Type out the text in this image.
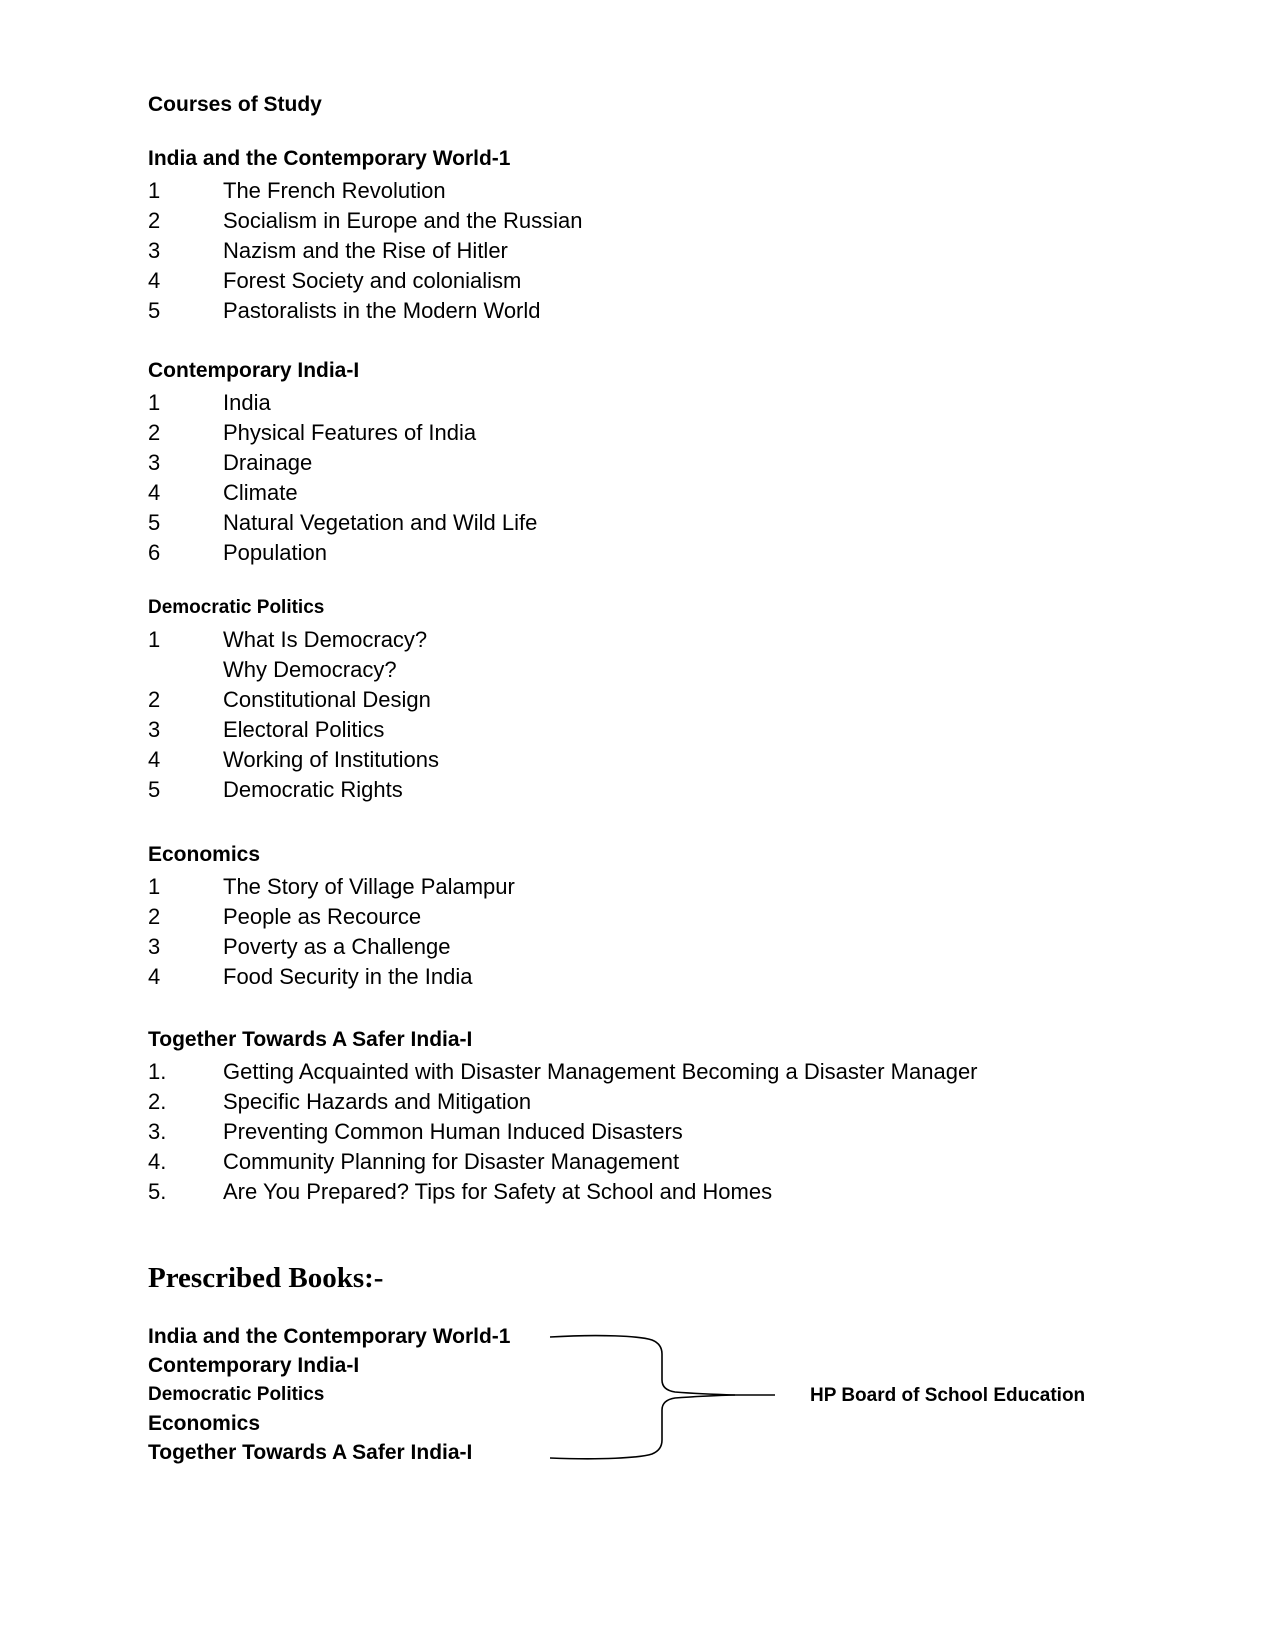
Courses of Study
India and the Contemporary World-1
1	The French Revolution
2	Socialism in Europe and the Russian
3	Nazism and the Rise of Hitler
4	Forest Society and colonialism
5	Pastoralists in the Modern World
Contemporary India-I
1	India
2	Physical Features of India
3	Drainage
4	Climate
5	Natural Vegetation and Wild Life
6	Population
Democratic Politics
1	What Is Democracy?
Why Democracy?
2	Constitutional Design
3	Electoral Politics
4	Working of Institutions
5	Democratic Rights
Economics
1	The Story of Village Palampur
2	People as Recource
3	Poverty as a Challenge
4	Food Security in the India
Together Towards A Safer India-I
1.	Getting Acquainted with Disaster Management Becoming a Disaster Manager
2.	Specific Hazards and Mitigation
3.	Preventing Common Human Induced Disasters
4.	Community Planning for Disaster Management
5.	Are You Prepared? Tips for Safety at School and Homes
Prescribed Books:-
India and the Contemporary World-1
Contemporary India-I
Democratic Politics
Economics
Together Towards A Safer India-I
HP Board of School Education
